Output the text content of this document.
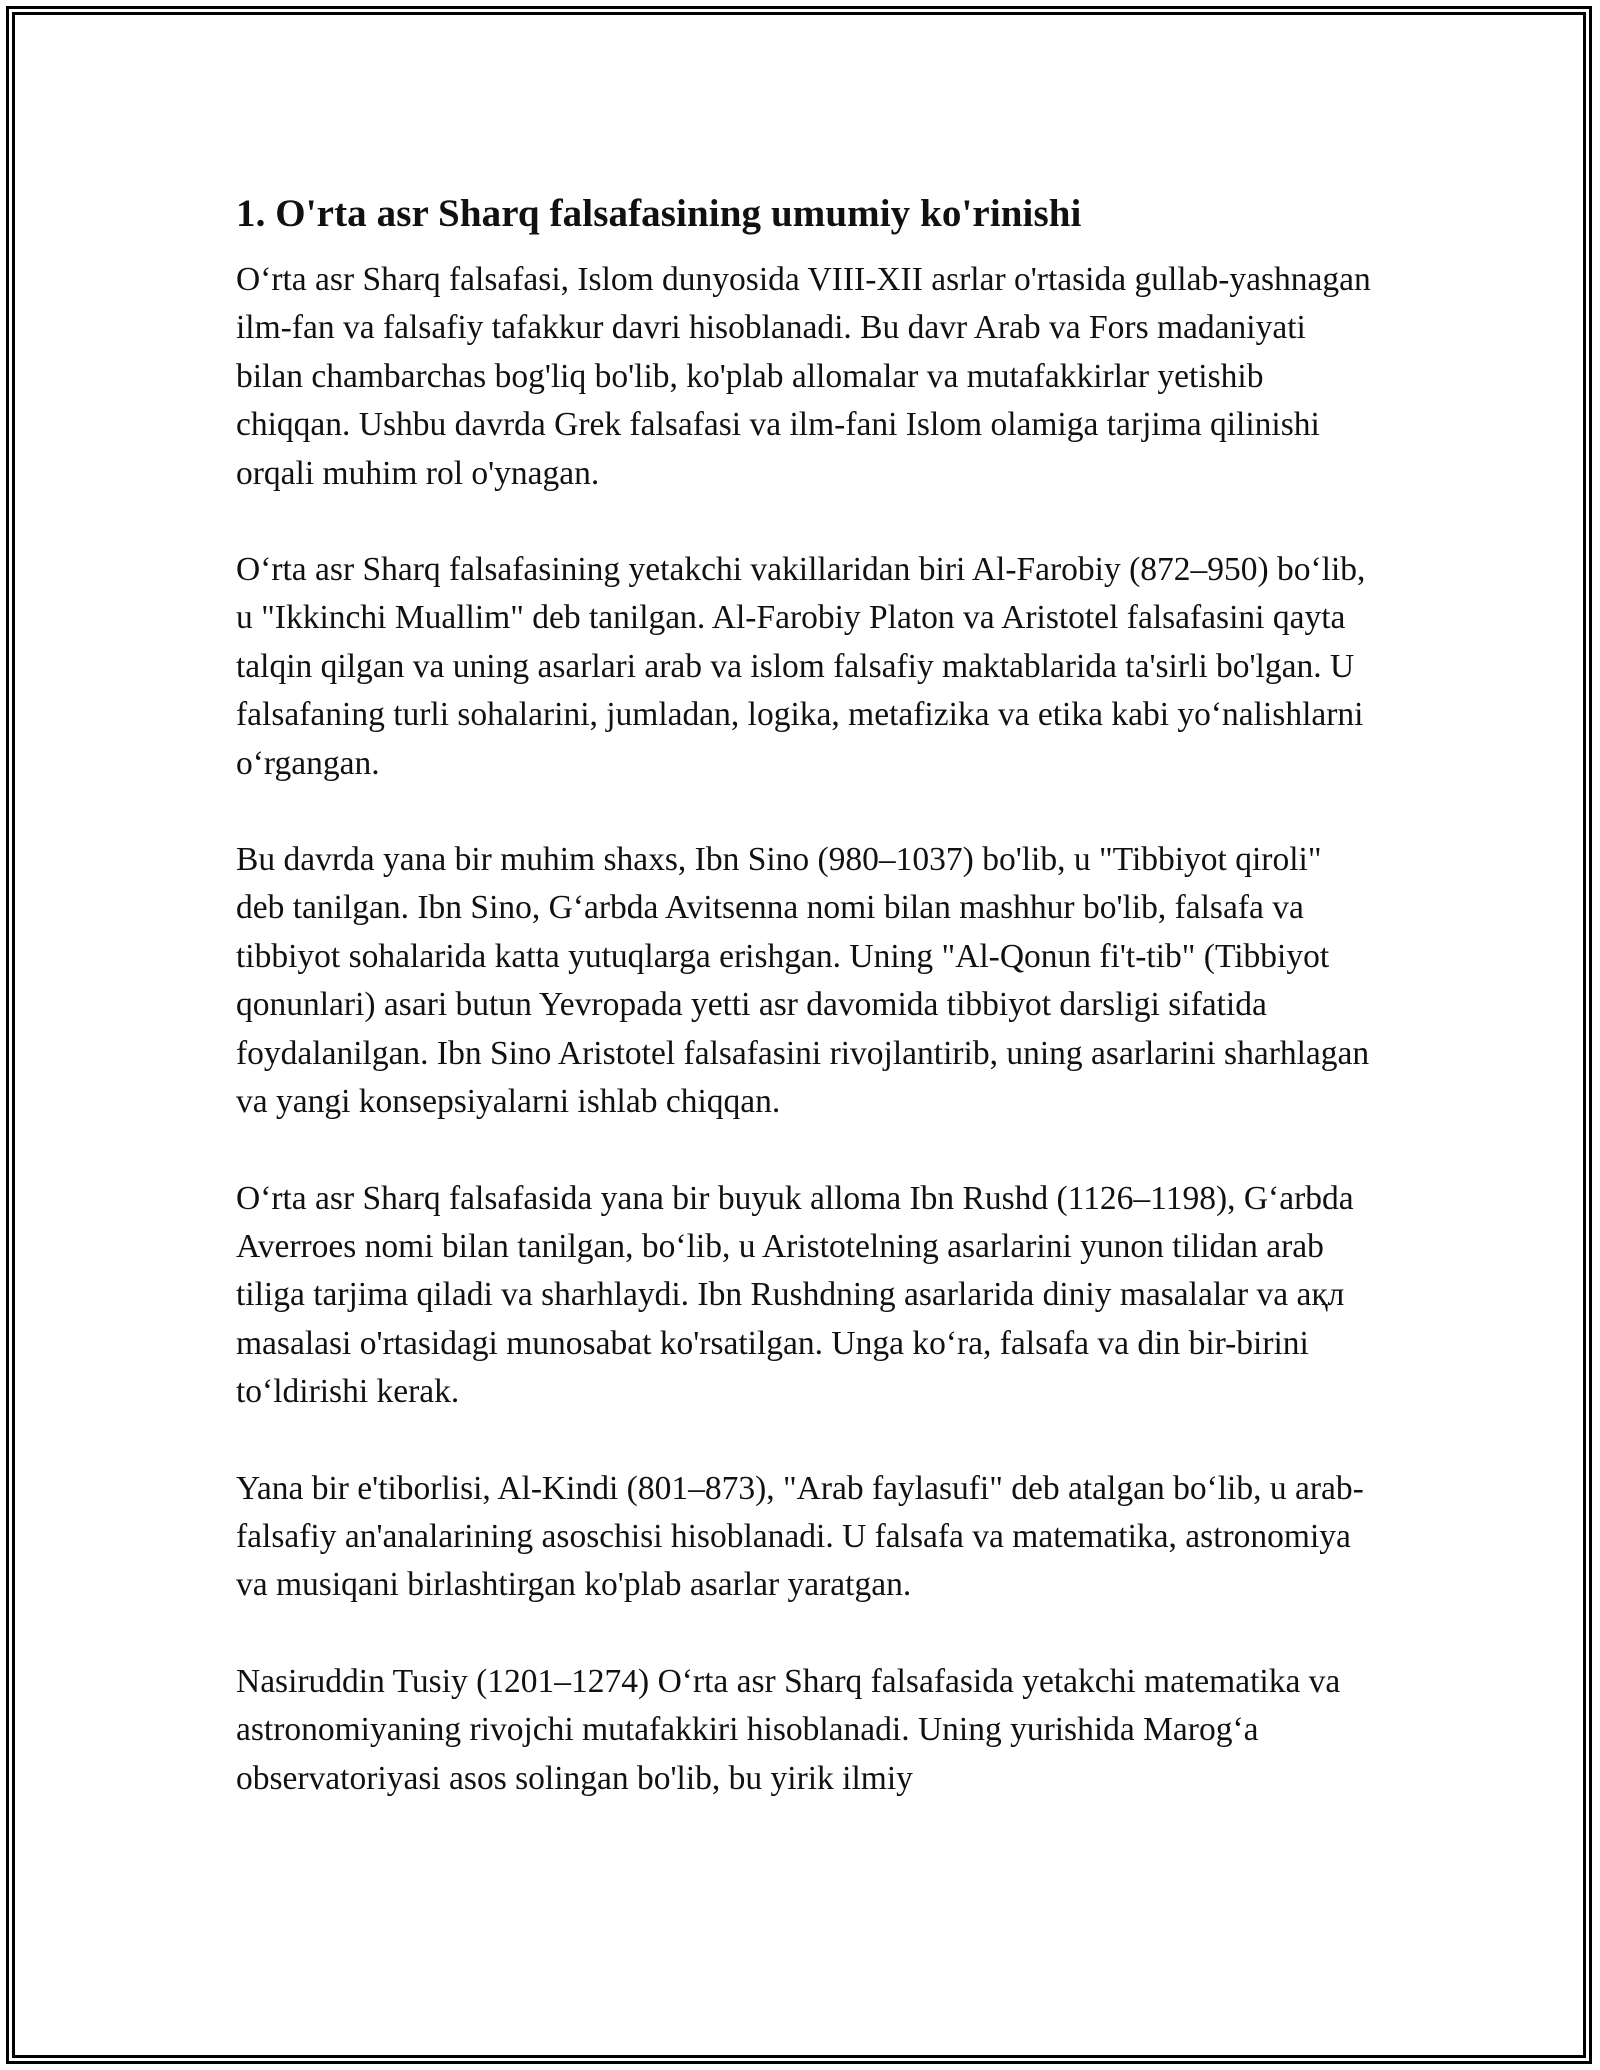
1. O'rta asr Sharq falsafasining umumiy ko'rinishi

O‘rta asr Sharq falsafasi, Islom dunyosida VIII-XII asrlar o'rtasida gullab-yashnagan ilm-fan va falsafiy tafakkur davri hisoblanadi. Bu davr Arab va Fors madaniyati bilan chambarchas bog'liq bo'lib, ko'plab allomalar va mutafakkirlar yetishib chiqqan. Ushbu davrda Grek falsafasi va ilm-fani Islom olamiga tarjima qilinishi orqali muhim rol o'ynagan.

O‘rta asr Sharq falsafasining yetakchi vakillaridan biri Al-Farobiy (872–950) bo‘lib, u "Ikkinchi Muallim" deb tanilgan. Al-Farobiy Platon va Aristotel falsafasini qayta talqin qilgan va uning asarlari arab va islom falsafiy maktablarida ta'sirli bo'lgan. U falsafaning turli sohalarini, jumladan, logika, metafizika va etika kabi yo‘nalishlarni o‘rgangan.

Bu davrda yana bir muhim shaxs, Ibn Sino (980–1037) bo'lib, u "Tibbiyot qiroli" deb tanilgan. Ibn Sino, G‘arbda Avitsenna nomi bilan mashhur bo'lib, falsafa va tibbiyot sohalarida katta yutuqlarga erishgan. Uning "Al-Qonun fi't-tib" (Tibbiyot qonunlari) asari butun Yevropada yetti asr davomida tibbiyot darsligi sifatida foydalanilgan. Ibn Sino Aristotel falsafasini rivojlantirib, uning asarlarini sharhlagan va yangi konsepsiyalarni ishlab chiqqan.

O‘rta asr Sharq falsafasida yana bir buyuk alloma Ibn Rushd (1126–1198), G‘arbda Averroes nomi bilan tanilgan, bo‘lib, u Aristotelning asarlarini yunon tilidan arab tiliga tarjima qiladi va sharhlaydi. Ibn Rushdning asarlarida diniy masalalar va ақл masalasi o'rtasidagi munosabat ko'rsatilgan. Unga ko‘ra, falsafa va din bir-birini to‘ldirishi kerak.

Yana bir e'tiborlisi, Al-Kindi (801–873), "Arab faylasufi" deb atalgan bo‘lib, u arab-falsafiy an'analarining asoschisi hisoblanadi. U falsafa va matematika, astronomiya va musiqani birlashtirgan ko'plab asarlar yaratgan.

Nasiruddin Tusiy (1201–1274) O‘rta asr Sharq falsafasida yetakchi matematika va astronomiyaning rivojchi mutafakkiri hisoblanadi. Uning yurishida Marog‘a observatoriyasi asos solingan bo'lib, bu yirik ilmiy
